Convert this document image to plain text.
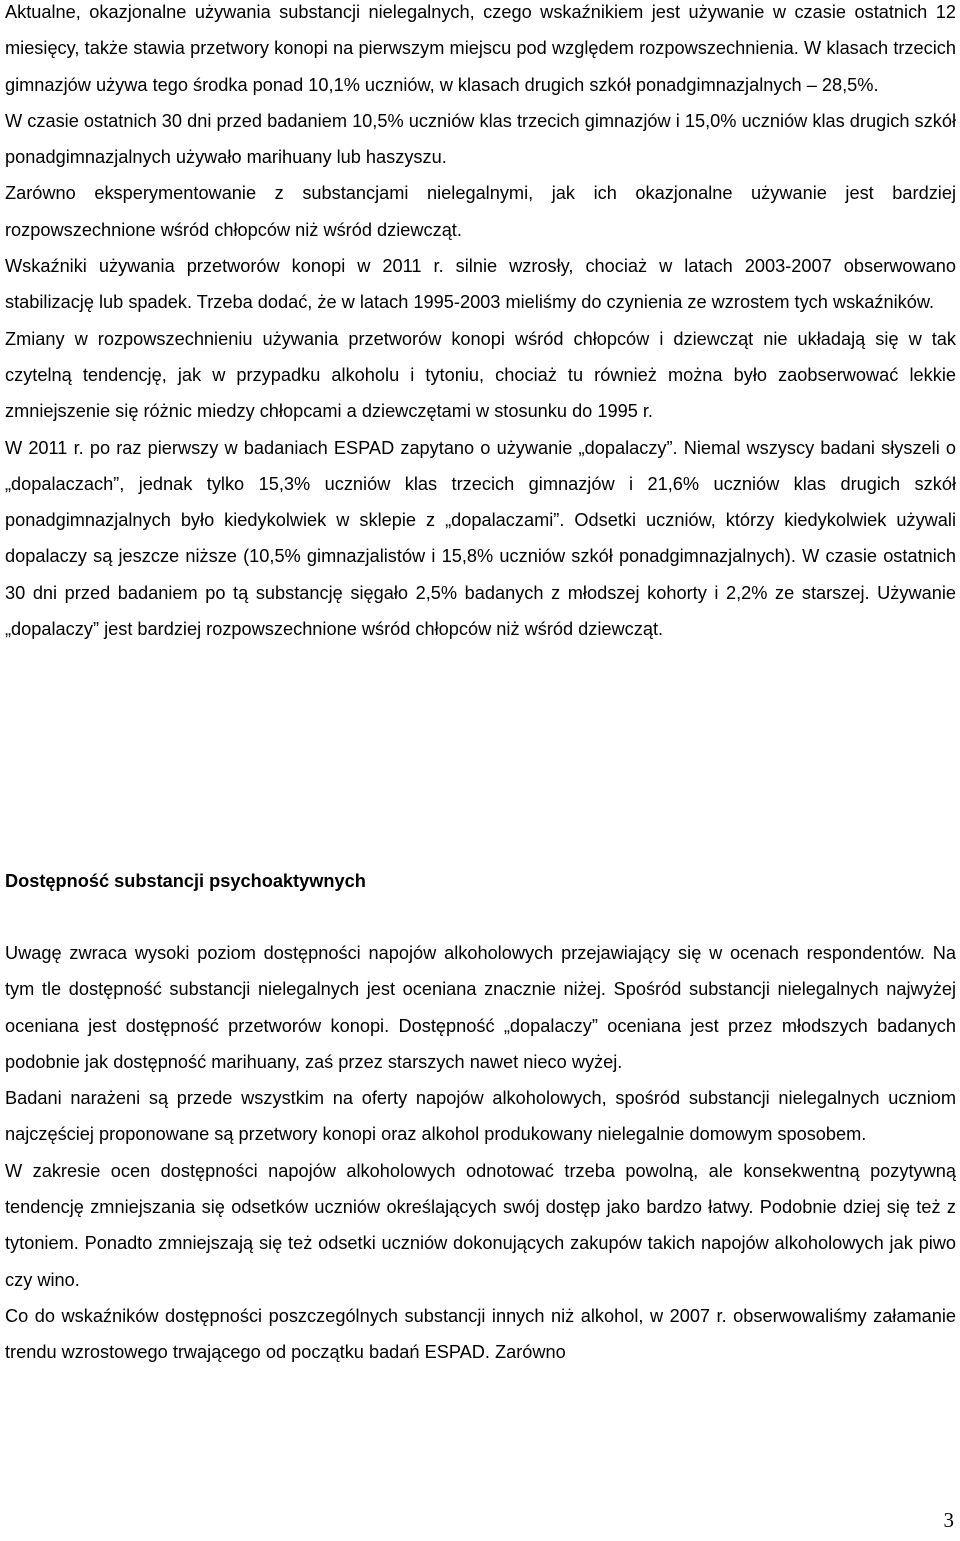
Aktualne, okazjonalne używania substancji nielegalnych, czego wskaźnikiem jest używanie w czasie ostatnich 12 miesięcy, także stawia przetwory konopi na pierwszym miejscu pod względem rozpowszechnienia. W klasach trzecich gimnazjów używa tego środka ponad 10,1% uczniów, w klasach drugich szkół ponadgimnazjalnych – 28,5%.

W czasie ostatnich 30 dni przed badaniem 10,5% uczniów klas trzecich gimnazjów i 15,0% uczniów klas drugich szkół ponadgimnazjalnych używało marihuany lub haszyszu.

Zarówno eksperymentowanie z substancjami nielegalnymi, jak ich okazjonalne używanie jest bardziej rozpowszechnione wśród chłopców niż wśród dziewcząt.

Wskaźniki używania przetworów konopi w 2011 r. silnie wzrosły, chociaż w latach 2003-2007 obserwowano stabilizację lub spadek. Trzeba dodać, że w latach 1995-2003 mieliśmy do czynienia ze wzrostem tych wskaźników.

Zmiany w rozpowszechnieniu używania przetworów konopi wśród chłopców i dziewcząt nie układają się w tak czytelną tendencję, jak w przypadku alkoholu i tytoniu, chociaż tu również można było zaobserwować lekkie zmniejszenie się różnic miedzy chłopcami a dziewczętami w stosunku do 1995 r.

W 2011 r. po raz pierwszy w badaniach ESPAD zapytano o używanie „dopalaczy”. Niemal wszyscy badani słyszeli o „dopalaczach”, jednak tylko 15,3% uczniów klas trzecich gimnazjów i 21,6% uczniów klas drugich szkół ponadgimnazjalnych było kiedykolwiek w sklepie z „dopalaczami”. Odsetki uczniów, którzy kiedykolwiek używali dopalaczy są jeszcze niższe (10,5% gimnazjalistów i 15,8% uczniów szkół ponadgimnazjalnych). W czasie ostatnich 30 dni przed badaniem po tą substancję sięgało 2,5% badanych z młodszej kohorty i 2,2% ze starszej. Używanie „dopalaczy” jest bardziej rozpowszechnione wśród chłopców niż wśród dziewcząt.

Dostępność substancji psychoaktywnych

Uwagę zwraca wysoki poziom dostępności napojów alkoholowych przejawiający się w ocenach respondentów. Na tym tle dostępność substancji nielegalnych jest oceniana znacznie niżej. Spośród substancji nielegalnych najwyżej oceniana jest dostępność przetworów konopi. Dostępność „dopalaczy” oceniana jest przez młodszych badanych podobnie jak dostępność marihuany, zaś przez starszych nawet nieco wyżej.

Badani narażeni są przede wszystkim na oferty napojów alkoholowych, spośród substancji nielegalnych uczniom najczęściej proponowane są przetwory konopi oraz alkohol produkowany nielegalnie domowym sposobem.

W zakresie ocen dostępności napojów alkoholowych odnotować trzeba powolną, ale konsekwentną pozytywną tendencję zmniejszania się odsetków uczniów określających swój dostęp jako bardzo łatwy. Podobnie dziej się też z tytoniem. Ponadto zmniejszają się też odsetki uczniów dokonujących zakupów takich napojów alkoholowych jak piwo czy wino.

Co do wskaźników dostępności poszczególnych substancji innych niż alkohol, w 2007 r. obserwowaliśmy załamanie trendu wzrostowego trwającego od początku badań ESPAD. Zarówno

3
